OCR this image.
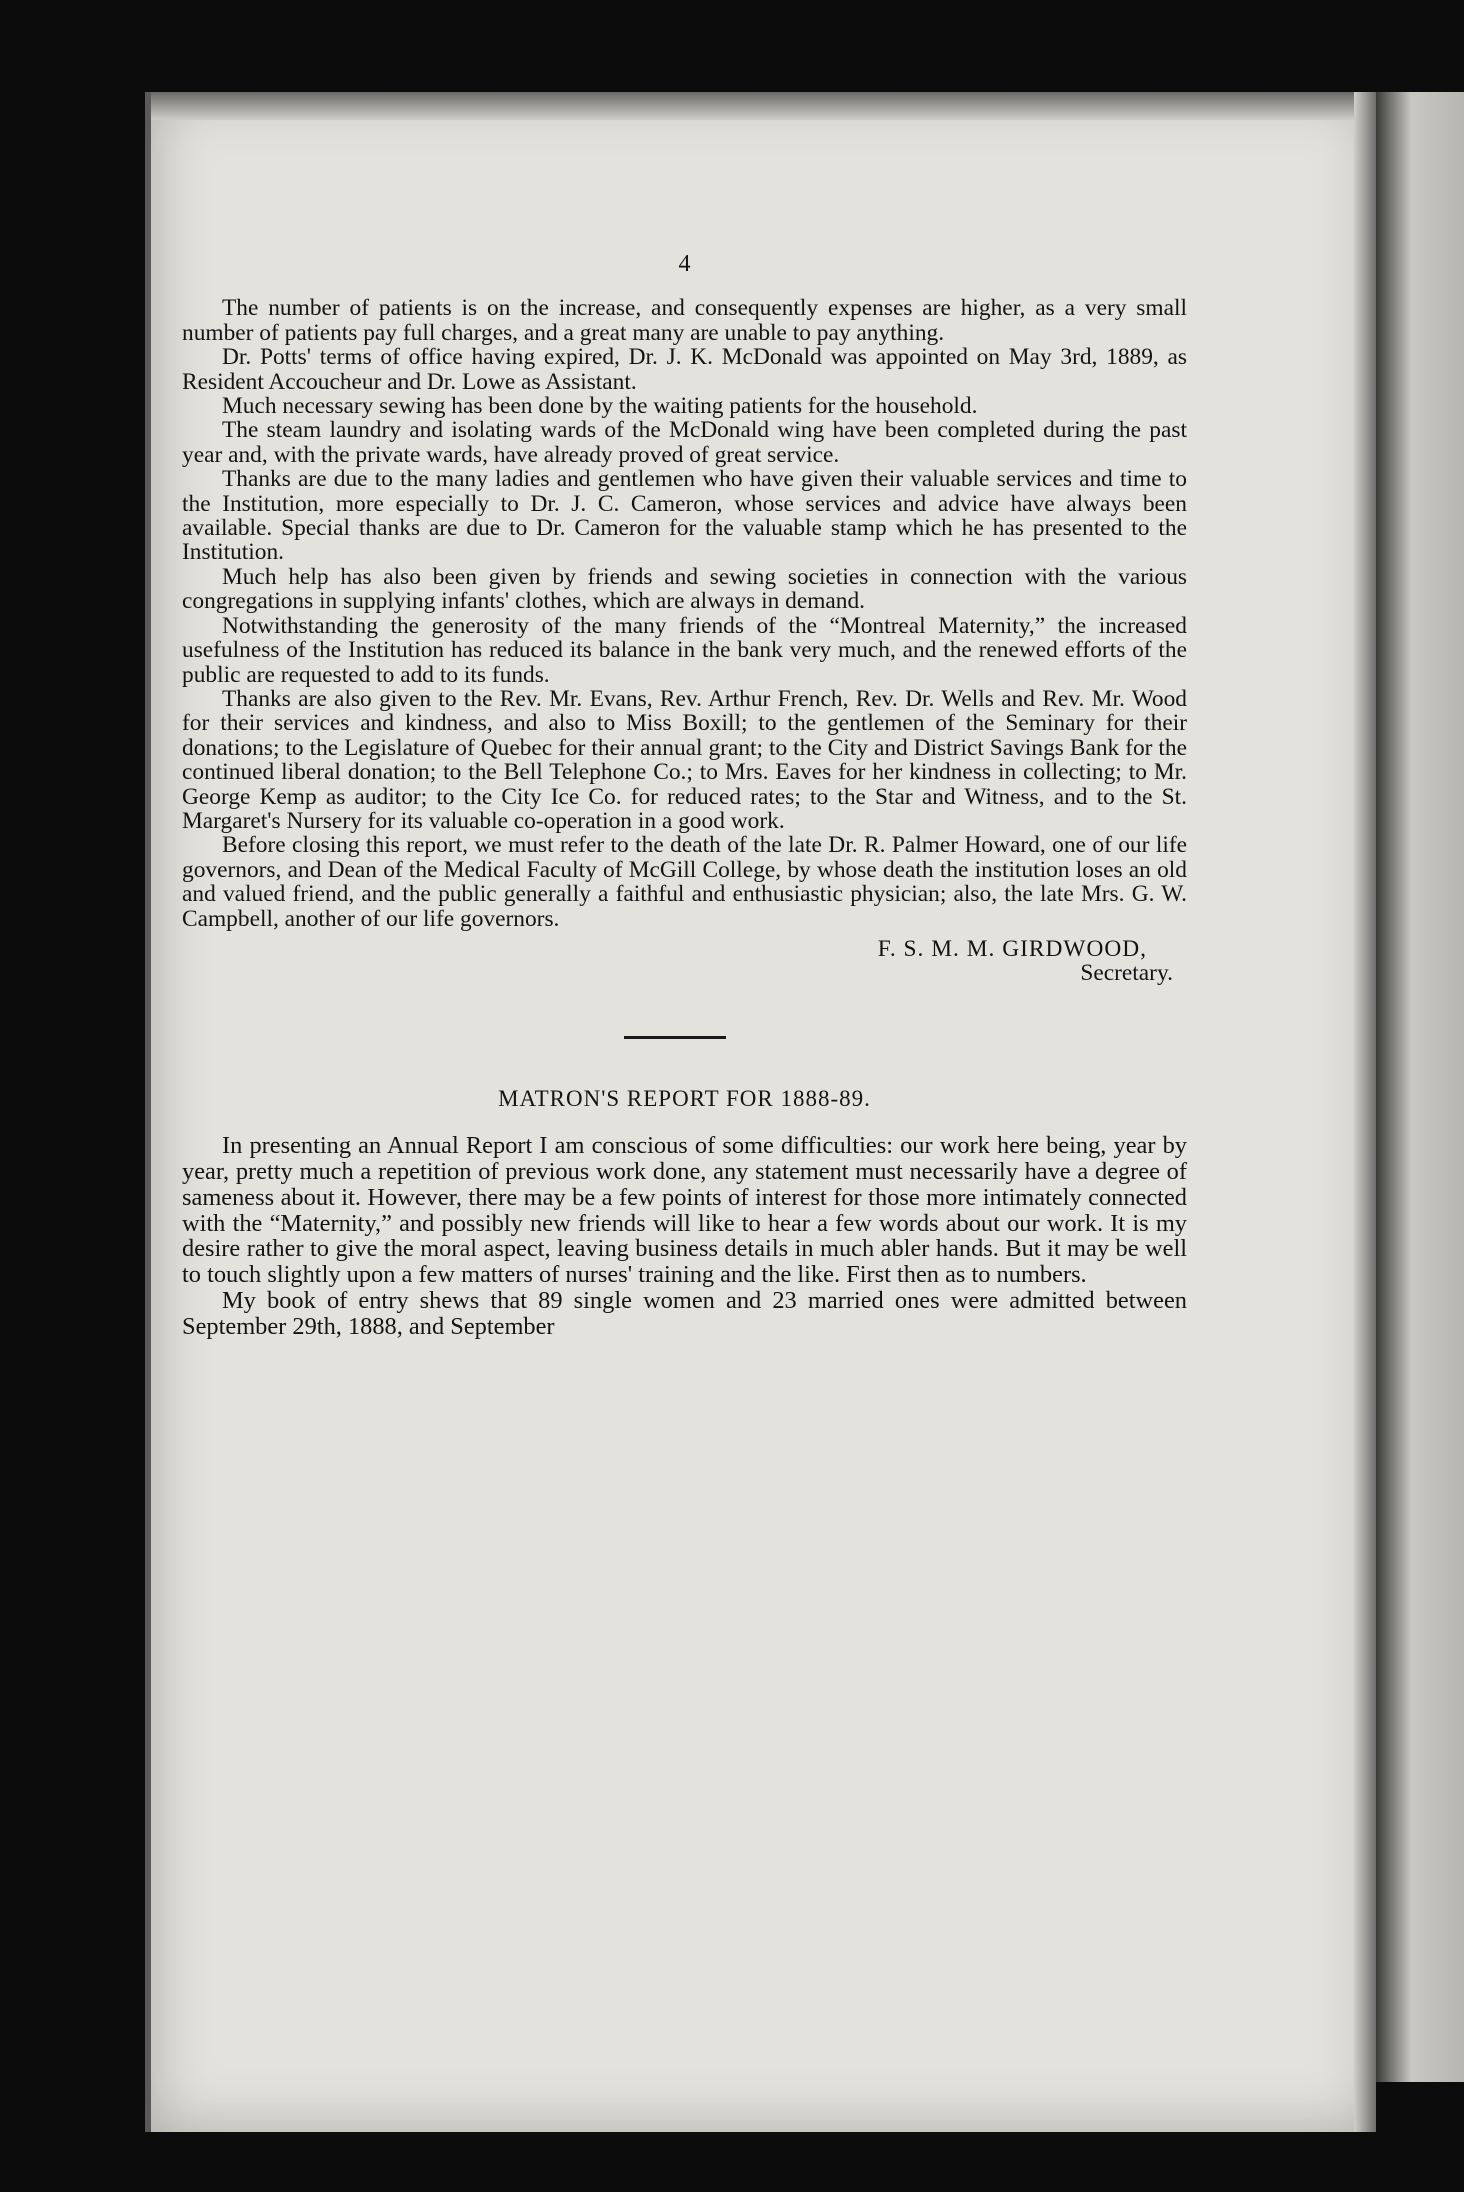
4

The number of patients is on the increase, and consequently expenses are higher, as a very small number of patients pay full charges, and a great many are unable to pay anything.

Dr. Potts' terms of office having expired, Dr. J. K. McDonald was appointed on May 3rd, 1889, as Resident Accoucheur and Dr. Lowe as Assistant.

Much necessary sewing has been done by the waiting patients for the household.

The steam laundry and isolating wards of the McDonald wing have been completed during the past year and, with the private wards, have already proved of great service.

Thanks are due to the many ladies and gentlemen who have given their valuable services and time to the Institution, more especially to Dr. J. C. Cameron, whose services and advice have always been available. Special thanks are due to Dr. Cameron for the valuable stamp which he has presented to the Institution.

Much help has also been given by friends and sewing societies in connection with the various congregations in supplying infants' clothes, which are always in demand.

Notwithstanding the generosity of the many friends of the “Montreal Maternity,” the increased usefulness of the Institution has reduced its balance in the bank very much, and the renewed efforts of the public are requested to add to its funds.

Thanks are also given to the Rev. Mr. Evans, Rev. Arthur French, Rev. Dr. Wells and Rev. Mr. Wood for their services and kindness, and also to Miss Boxill; to the gentlemen of the Seminary for their donations; to the Legislature of Quebec for their annual grant; to the City and District Savings Bank for the continued liberal donation; to the Bell Telephone Co.; to Mrs. Eaves for her kindness in collecting; to Mr. George Kemp as auditor; to the City Ice Co. for reduced rates; to the Star and Witness, and to the St. Margaret's Nursery for its valuable co-operation in a good work.

Before closing this report, we must refer to the death of the late Dr. R. Palmer Howard, one of our life governors, and Dean of the Medical Faculty of McGill College, by whose death the institution loses an old and valued friend, and the public generally a faithful and enthusiastic physician; also, the late Mrs. G. W. Campbell, another of our life governors.

F. S. M. M. GIRDWOOD,
Secretary.
MATRON'S REPORT FOR 1888-89.

In presenting an Annual Report I am conscious of some difficulties: our work here being, year by year, pretty much a repetition of previous work done, any statement must necessarily have a degree of sameness about it. However, there may be a few points of interest for those more intimately connected with the “Maternity,” and possibly new friends will like to hear a few words about our work. It is my desire rather to give the moral aspect, leaving business details in much abler hands. But it may be well to touch slightly upon a few matters of nurses' training and the like. First then as to numbers.

My book of entry shews that 89 single women and 23 married ones were admitted between September 29th, 1888, and September
